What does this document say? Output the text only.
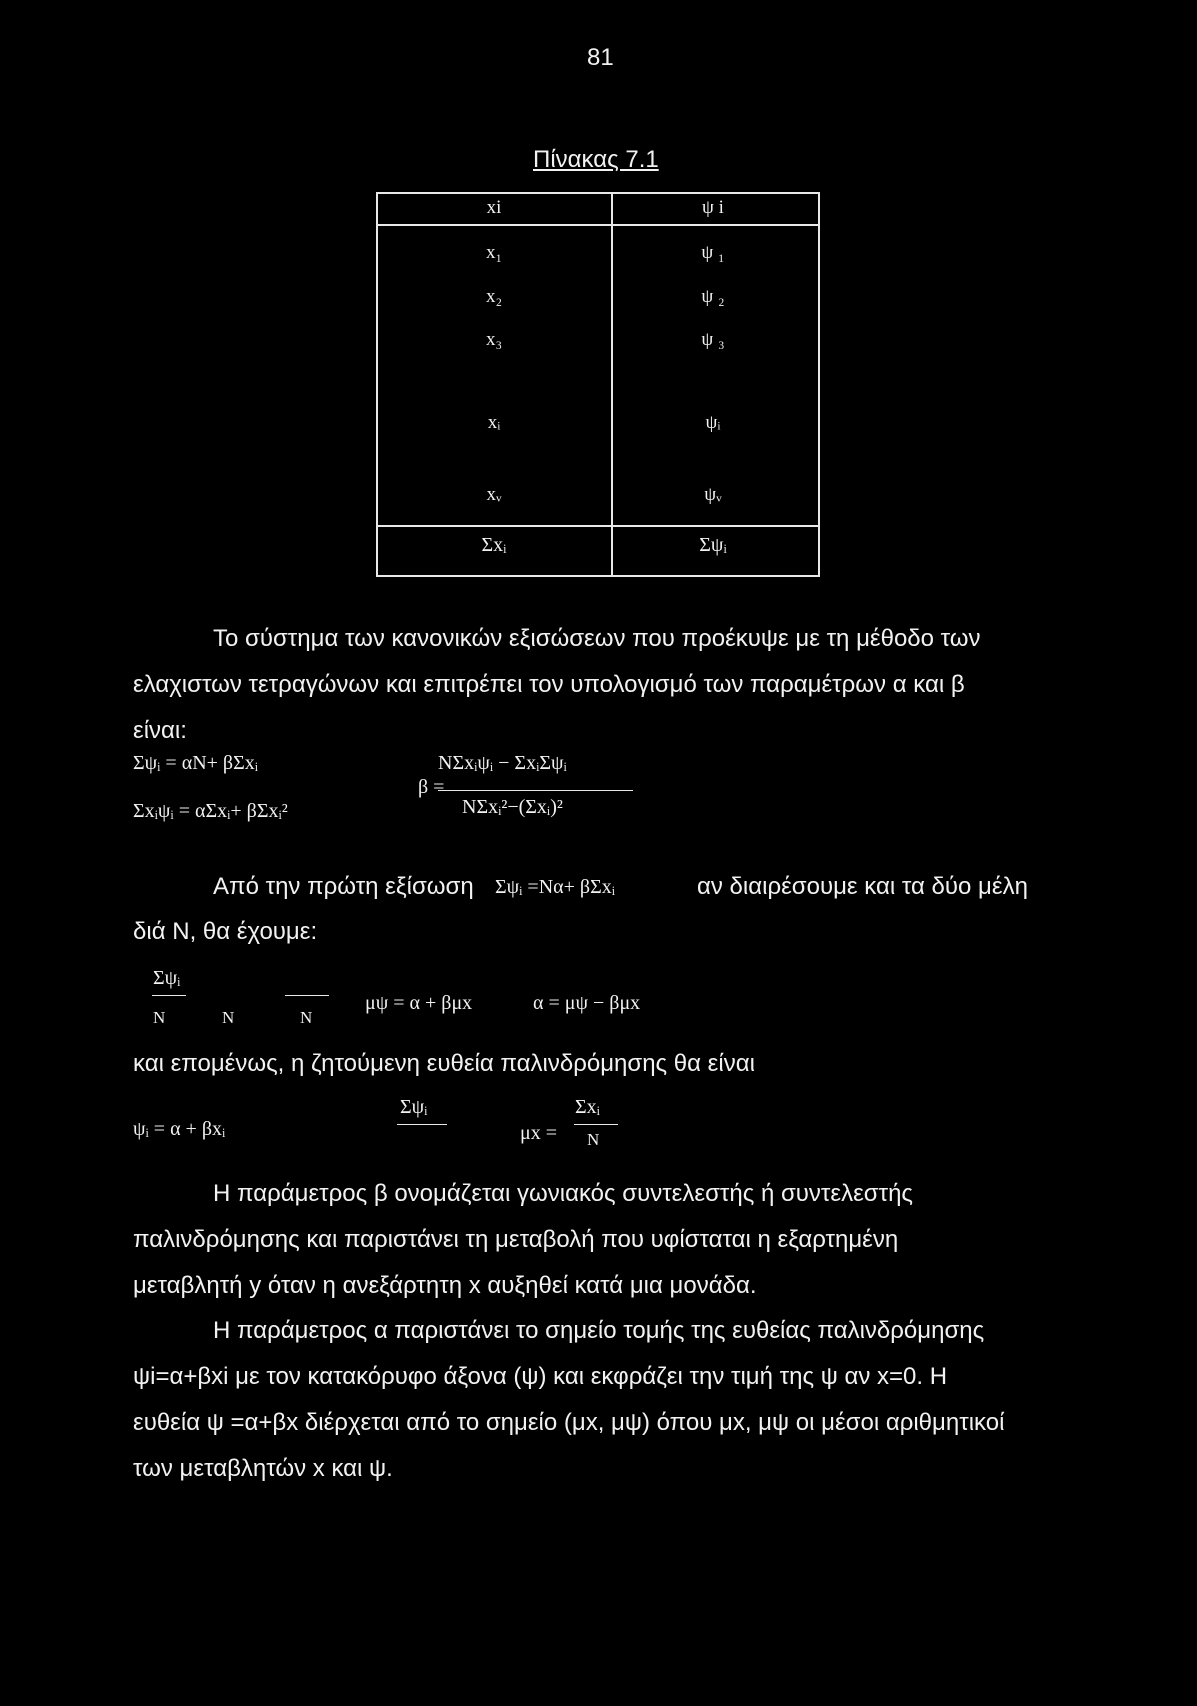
81
Πίνακας 7.1
xi	ψ i
x₁	ψ ₁
x₂	ψ ₂
x₃	ψ ₃
xᵢ	ψᵢ
xᵥ	ψᵥ
Σxᵢ	Σψᵢ
Το σύστημα των κανονικών εξισώσεων που προέκυψε με τη μέθοδο των
ελαχιστων τετραγώνων και επιτρέπει τον υπολογισμό των παραμέτρων α και β
είναι:
Σψᵢ = αN+ βΣxᵢ
Σxᵢψᵢ = αΣxᵢ+ βΣxᵢ²
β =
NΣxᵢψᵢ − ΣxᵢΣψᵢ
NΣxᵢ²−(Σxᵢ)²
Από την πρώτη εξίσωση Σψᵢ =Nα+ βΣxᵢ	αν διαιρέσουμε και τα δύο μέλη
διά Ν, θα έχουμε:
Σψᵢ
N	N	N
μψ = α + βμx	α = μψ − βμx
και επομένως, η ζητούμενη ευθεία παλινδρόμησης θα είναι
ψᵢ = α + βxᵢ
Σψᵢ
μx =
Σxᵢ
N
Η παράμετρος β ονομάζεται γωνιακός συντελεστής ή συντελεστής
παλινδρόμησης και παριστάνει τη μεταβολή που υφίσταται η εξαρτημένη
μεταβλητή y όταν η ανεξάρτητη x αυξηθεί κατά μια μονάδα.
Η παράμετρος α παριστάνει το σημείο τομής της ευθείας παλινδρόμησης
ψi=α+βxi με τον κατακόρυφο άξονα (ψ) και εκφράζει την τιμή της ψ αν x=0. Η
ευθεία ψ =α+βx διέρχεται από το σημείο (μx, μψ) όπου μx, μψ οι μέσοι αριθμητικοί
των μεταβλητών x και ψ.
